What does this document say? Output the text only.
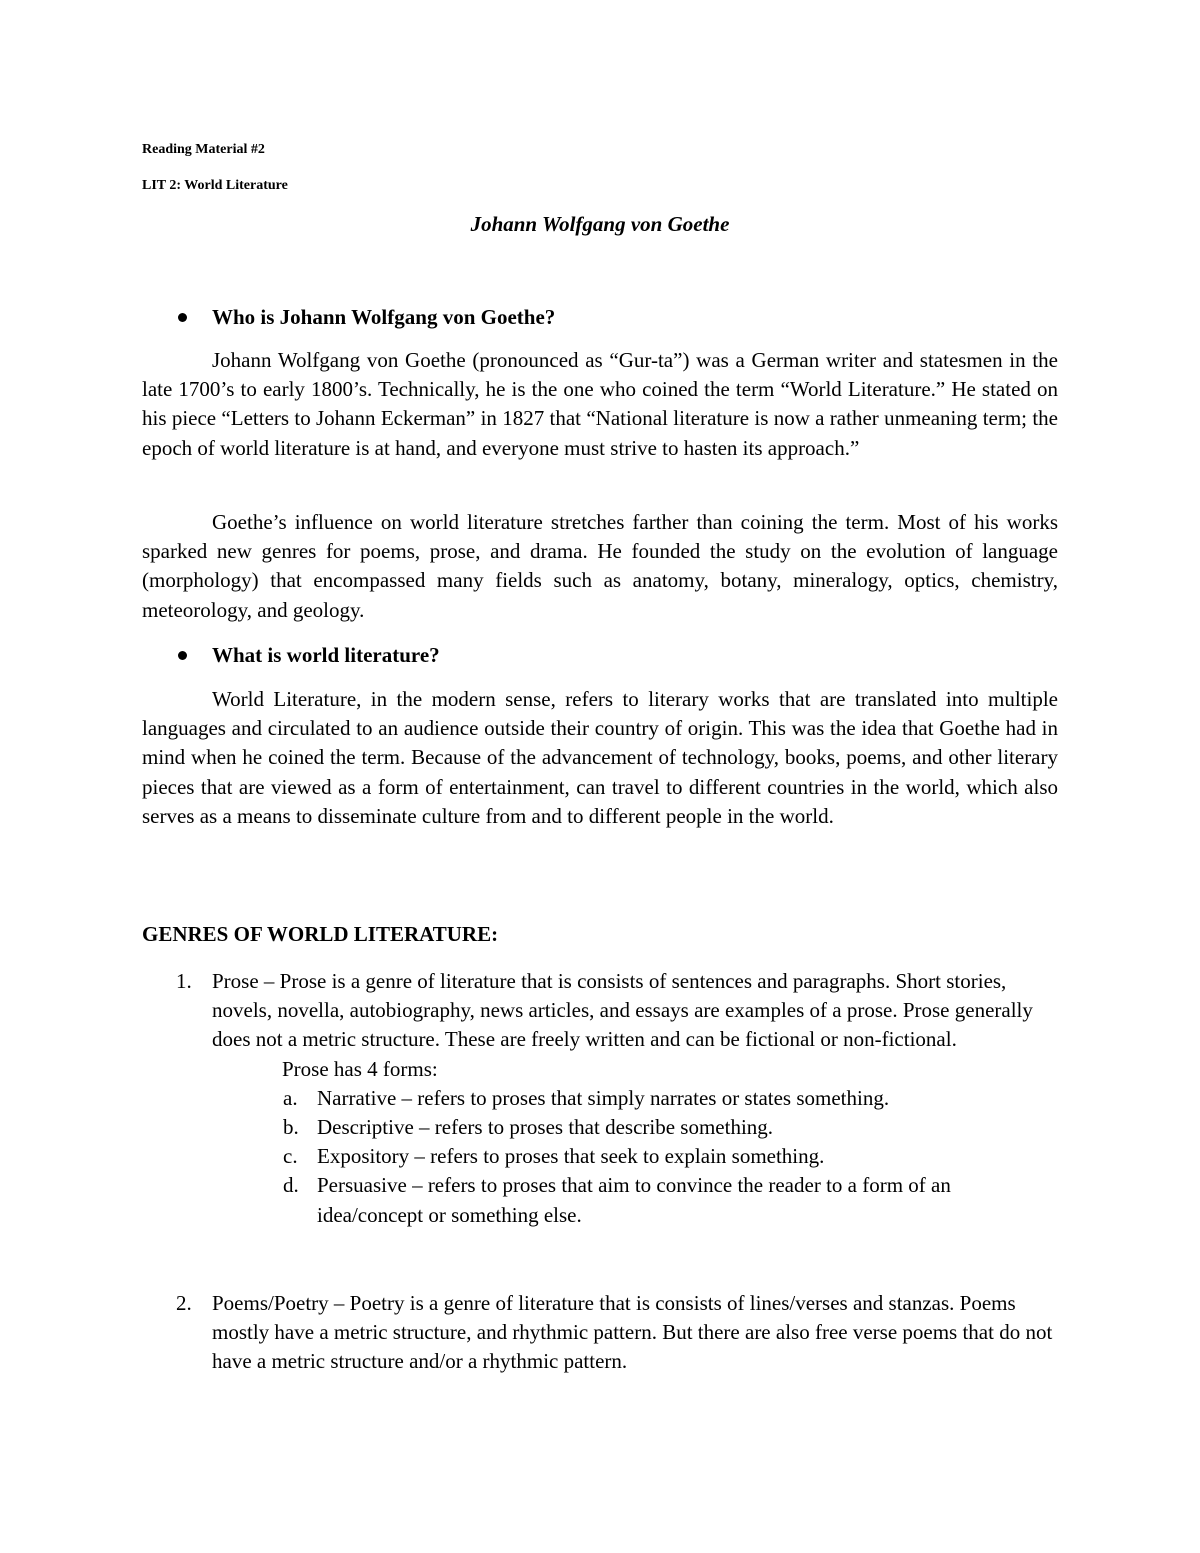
Reading Material #2
LIT 2: World Literature
Johann Wolfgang von Goethe
Who is Johann Wolfgang von Goethe?

Johann Wolfgang von Goethe (pronounced as “Gur-ta”) was a German writer and statesmen in the late 1700’s to early 1800’s. Technically, he is the one who coined the term “World Literature.” He stated on his piece “Letters to Johann Eckerman” in 1827 that “National literature is now a rather unmeaning term; the epoch of world literature is at hand, and everyone must strive to hasten its approach.”

Goethe’s influence on world literature stretches farther than coining the term. Most of his works sparked new genres for poems, prose, and drama. He founded the study on the evolution of language (morphology) that encompassed many fields such as anatomy, botany, mineralogy, optics, chemistry, meteorology, and geology.

What is world literature?

World Literature, in the modern sense, refers to literary works that are translated into multiple languages and circulated to an audience outside their country of origin. This was the idea that Goethe had in mind when he coined the term. Because of the advancement of technology, books, poems, and other literary pieces that are viewed as a form of entertainment, can travel to different countries in the world, which also serves as a means to disseminate culture from and to different people in the world.

GENRES OF WORLD LITERATURE:
1. Prose – Prose is a genre of literature that is consists of sentences and paragraphs. Short stories, novels, novella, autobiography, news articles, and essays are examples of a prose. Prose generally does not a metric structure. These are freely written and can be fictional or non-fictional.
Prose has 4 forms:
a. Narrative – refers to proses that simply narrates or states something.
b. Descriptive – refers to proses that describe something.
c. Expository – refers to proses that seek to explain something.
d. Persuasive – refers to proses that aim to convince the reader to a form of an idea/concept or something else.
2. Poems/Poetry – Poetry is a genre of literature that is consists of lines/verses and stanzas. Poems mostly have a metric structure, and rhythmic pattern. But there are also free verse poems that do not have a metric structure and/or a rhythmic pattern.
